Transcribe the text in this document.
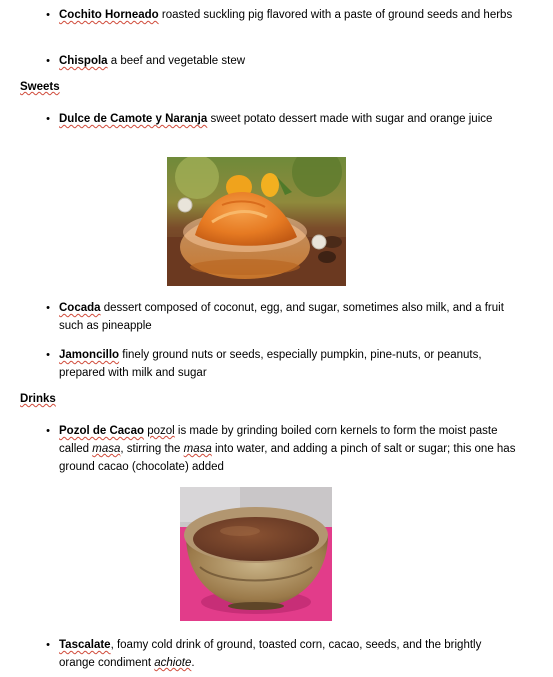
• Cochito Horneado roasted suckling pig flavored with a paste of ground seeds and herbs
• Chispola a beef and vegetable stew
Sweets
• Dulce de Camote y Naranja sweet potato dessert made with sugar and orange juice
• Cocada dessert composed of coconut, egg, and sugar, sometimes also milk, and a fruit such as pineapple
• Jamoncillo finely ground nuts or seeds, especially pumpkin, pine-nuts, or peanuts, prepared with milk and sugar
Drinks
• Pozol de Cacao pozol is made by grinding boiled corn kernels to form the moist paste called masa, stirring the masa into water, and adding a pinch of salt or sugar; this one has ground cacao (chocolate) added
• Tascalate, foamy cold drink of ground, toasted corn, cacao, seeds, and the brightly orange condiment achiote.
